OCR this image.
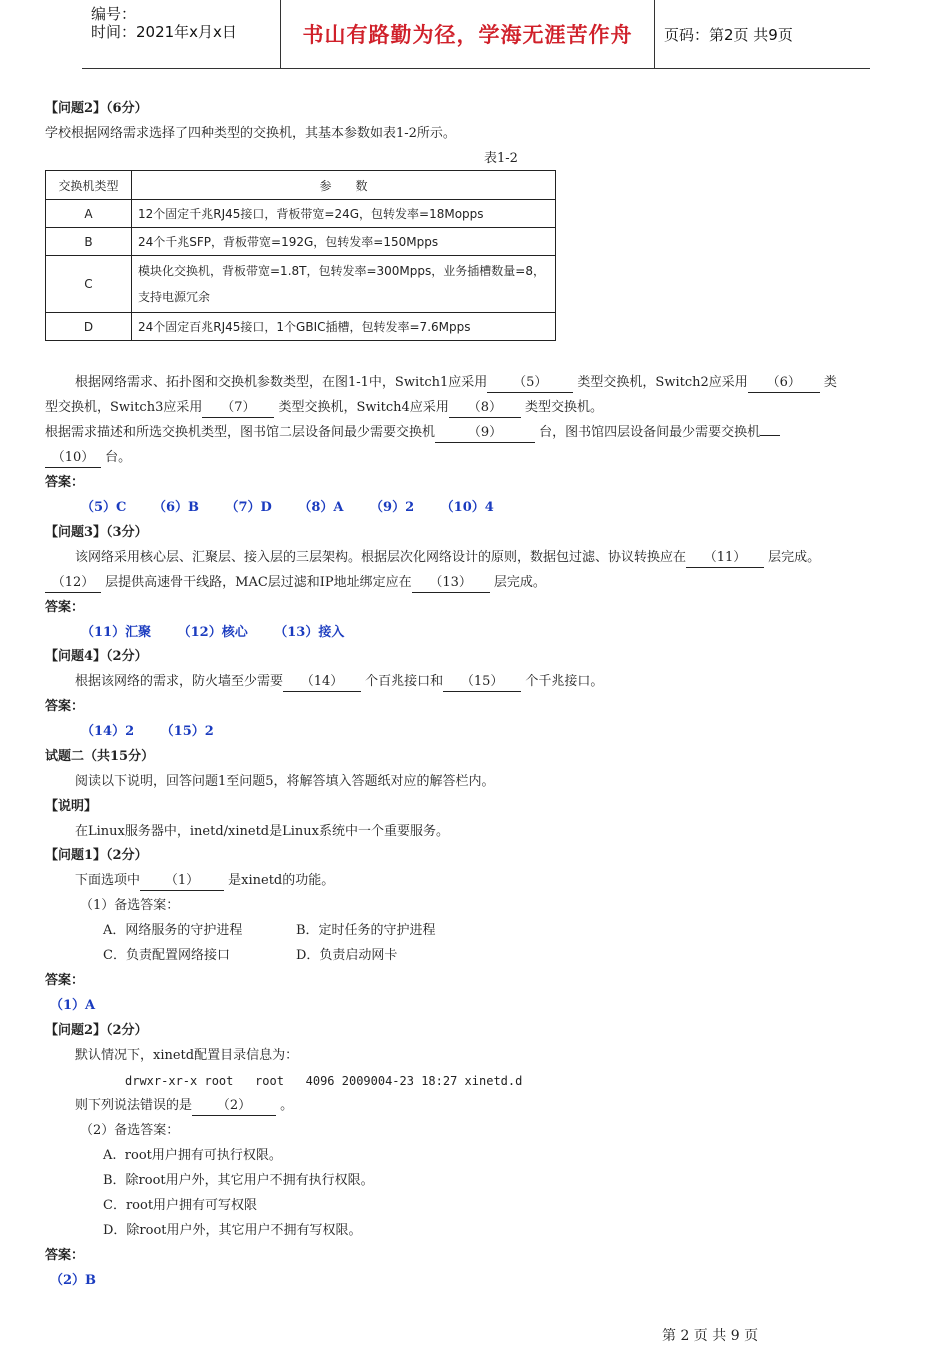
编号：
时间：2021年x月x日	书山有路勤为径，学海无涯苦作舟	页码：第2页 共9页
【问题2】（6分）
学校根据网络需求选择了四种类型的交换机，其基本参数如表1-2所示。
表1-2
交换机类型	参　　数
A	12个固定千兆RJ45接口，背板带宽=24G，包转发率=18Mopps
B	24个千兆SFP，背板带宽=192G，包转发率=150Mpps
C	模块化交换机，背板带宽=1.8T，包转发率=300Mpps，业务插槽数量=8，支持电源冗余
D	24个固定百兆RJ45接口，1个GBIC插槽，包转发率=7.6Mpps
根据网络需求、拓扑图和交换机参数类型，在图1-1中，Switch1应采用 （5） 类型交换机，Switch2应采用 （6） 类
型交换机，Switch3应采用 （7） 类型交换机，Switch4应采用 （8） 类型交换机。
根据需求描述和所选交换机类型，图书馆二层设备间最少需要交换机	（9）	台，图书馆四层设备间最少需要交换机
（10） 台。
答案：
（5）C （6）B （7）D （8）A （9）2 （10）4
【问题3】（3分）
该网络采用核心层、汇聚层、接入层的三层架构。根据层次化网络设计的原则，数据包过滤、协议转换应在 （11） 层完成。
（12） 层提供高速骨干线路，MAC层过滤和IP地址绑定应在 （13） 层完成。
答案：
（11）汇聚 （12）核心 （13）接入
【问题4】（2分）
根据该网络的需求，防火墙至少需要 （14） 个百兆接口和 （15） 个千兆接口。
答案：
（14）2 （15）2
试题二（共15分）
阅读以下说明，回答问题1至问题5，将解答填入答题纸对应的解答栏内。
【说明】
在Linux服务器中，inetd/xinetd是Linux系统中一个重要服务。
【问题1】（2分）
下面选项中 （1） 是xinetd的功能。
（1）备选答案：
A．网络服务的守护进程	B．定时任务的守护进程
C．负责配置网络接口	D．负责启动网卡
答案：
（1）A
【问题2】（2分）
默认情况下，xinetd配置目录信息为：
drwxr-xr-x root   root   4096 2009004-23 18:27 xinetd.d
则下列说法错误的是 （2） 。
（2）备选答案：
A.  root用户拥有可执行权限。
B．除root用户外，其它用户不拥有执行权限。
C．root用户拥有可写权限
D．除root用户外，其它用户不拥有写权限。
答案：
（2）B
第 2 页 共 9 页
